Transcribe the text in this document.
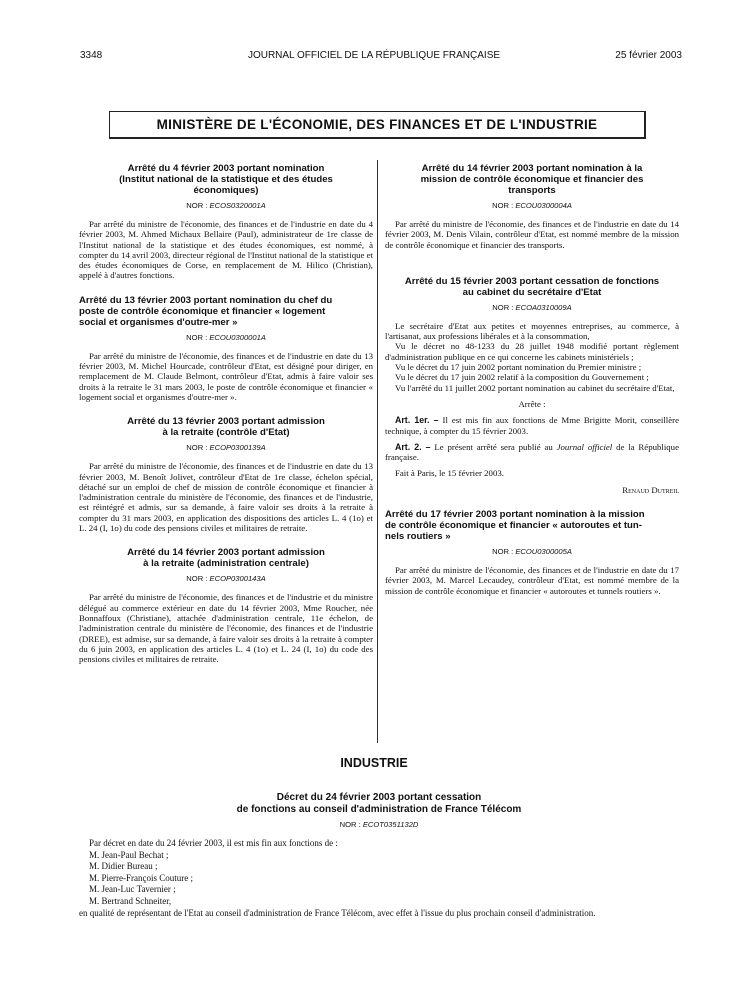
3348	JOURNAL OFFICIEL DE LA RÉPUBLIQUE FRANÇAISE	25 février 2003
MINISTÈRE DE L'ÉCONOMIE, DES FINANCES ET DE L'INDUSTRIE
Arrêté du 4 février 2003 portant nomination
(Institut national de la statistique et des études
économiques)
NOR : ECOS0320001A

Par arrêté du ministre de l'économie, des finances et de l'industrie en date du 4 février 2003, M. Ahmed Michaux Bellaire (Paul), administrateur de 1re classe de l'Institut national de la statistique et des études économiques, est nommé, à compter du 14 avril 2003, directeur régional de l'Institut national de la statistique et des études économiques de Corse, en remplacement de M. Hilico (Christian), appelé à d'autres fonctions.

Arrêté du 13 février 2003 portant nomination du chef du
poste de contrôle économique et financier « logement
social et organismes d'outre-mer »
NOR : ECOU0300001A

Par arrêté du ministre de l'économie, des finances et de l'industrie en date du 13 février 2003, M. Michel Hourcade, contrôleur d'Etat, est désigné pour diriger, en remplacement de M. Claude Belmont, contrôleur d'Etat, admis à faire valoir ses droits à la retraite le 31 mars 2003, le poste de contrôle économique et financier « logement social et organismes d'outre-mer ».

Arrêté du 13 février 2003 portant admission
à la retraite (contrôle d'Etat)
NOR : ECOP0300139A

Par arrêté du ministre de l'économie, des finances et de l'industrie en date du 13 février 2003, M. Benoît Jolivet, contrôleur d'Etat de 1re classe, échelon spécial, détaché sur un emploi de chef de mission de contrôle économique et financier à l'administration centrale du ministère de l'économie, des finances et de l'industrie, est réintégré et admis, sur sa demande, à faire valoir ses droits à la retraite à compter du 31 mars 2003, en application des dispositions des articles L. 4 (1o) et L. 24 (I, 1o) du code des pensions civiles et militaires de retraite.

Arrêté du 14 février 2003 portant admission
à la retraite (administration centrale)
NOR : ECOP0300143A

Par arrêté du ministre de l'économie, des finances et de l'industrie et du ministre délégué au commerce extérieur en date du 14 février 2003, Mme Roucher, née Bonnaffoux (Christiane), attachée d'administration centrale, 11e échelon, de l'administration centrale du ministère de l'économie, des finances et de l'industrie (DREE), est admise, sur sa demande, à faire valoir ses droits à la retraite à compter du 6 juin 2003, en application des articles L. 4 (1o) et L. 24 (I, 1o) du code des pensions civiles et militaires de retraite.

Arrêté du 14 février 2003 portant nomination à la
mission de contrôle économique et financier des
transports
NOR : ECOU0300004A

Par arrêté du ministre de l'économie, des finances et de l'industrie en date du 14 février 2003, M. Denis Vilain, contrôleur d'Etat, est nommé membre de la mission de contrôle économique et financier des transports.

Arrêté du 15 février 2003 portant cessation de fonctions
au cabinet du secrétaire d'Etat
NOR : ECOA0310009A

Le secrétaire d'Etat aux petites et moyennes entreprises, au commerce, à l'artisanat, aux professions libérales et à la consommation,

Vu le décret no 48-1233 du 28 juillet 1948 modifié portant règlement d'administration publique en ce qui concerne les cabinets ministériels ;

Vu le décret du 17 juin 2002 portant nomination du Premier ministre ;

Vu le décret du 17 juin 2002 relatif à la composition du Gouvernement ;

Vu l'arrêté du 11 juillet 2002 portant nomination au cabinet du secrétaire d'Etat,

Arrête :

Art. 1er. – Il est mis fin aux fonctions de Mme Brigitte Morit, conseillère technique, à compter du 15 février 2003.

Art. 2. – Le présent arrêté sera publié au Journal officiel de la République française.

Fait à Paris, le 15 février 2003.

Renaud Dutreil

Arrêté du 17 février 2003 portant nomination à la mission
de contrôle économique et financier « autoroutes et tun-
nels routiers »
NOR : ECOU0300005A

Par arrêté du ministre de l'économie, des finances et de l'industrie en date du 17 février 2003, M. Marcel Lecaudey, contrôleur d'Etat, est nommé membre de la mission de contrôle économique et financier « autoroutes et tunnels routiers ».

INDUSTRIE
Décret du 24 février 2003 portant cessation
de fonctions au conseil d'administration de France Télécom
NOR : ECOT0351132D

Par décret en date du 24 février 2003, il est mis fin aux fonctions de :

M. Jean-Paul Bechat ;
M. Didier Bureau ;
M. Pierre-François Couture ;
M. Jean-Luc Tavernier ;
M. Bertrand Schneiter,

en qualité de représentant de l'Etat au conseil d'administration de France Télécom, avec effet à l'issue du plus prochain conseil d'administration.
